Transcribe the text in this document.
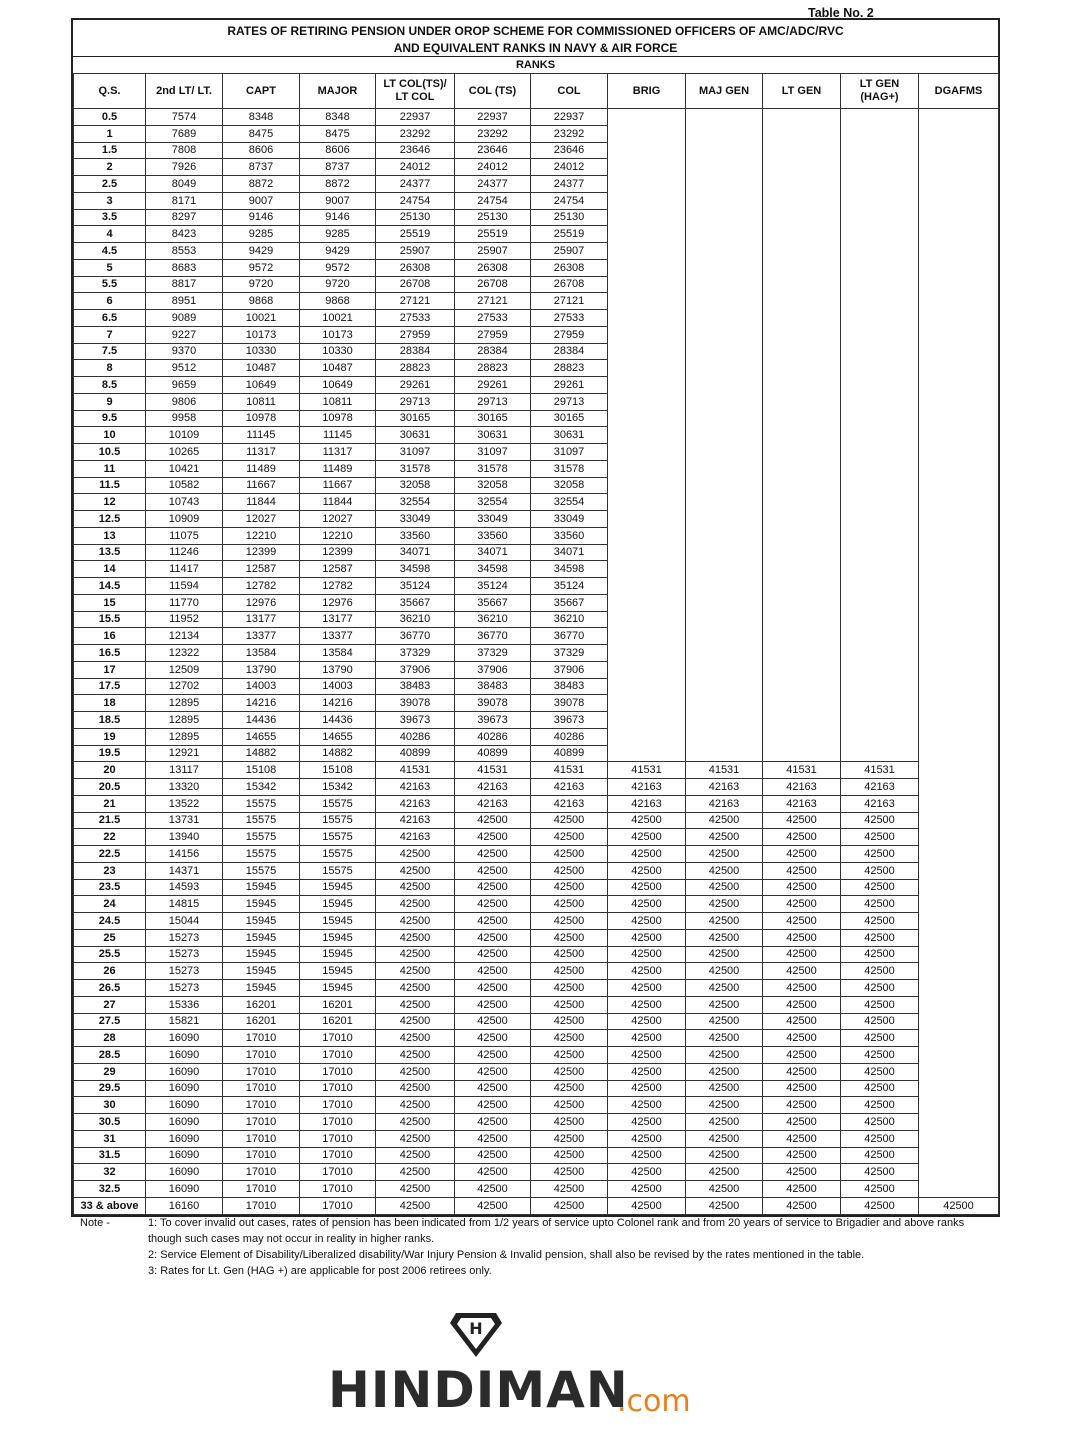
Table No. 2
RATES OF RETIRING PENSION UNDER OROP SCHEME FOR COMMISSIONED OFFICERS OF AMC/ADC/RVC
AND EQUIVALENT RANKS IN NAVY & AIR FORCE
RANKS
Q.S.	2nd LT/ LT.	CAPT	MAJOR	LT COL(TS)/ LT COL	COL (TS)	COL	BRIG	MAJ GEN	LT GEN	LT GEN (HAG+)	DGAFMS
0.5	7574	8348	8348	22937	22937	22937					
1	7689	8475	8475	23292	23292	23292					
1.5	7808	8606	8606	23646	23646	23646					
2	7926	8737	8737	24012	24012	24012					
2.5	8049	8872	8872	24377	24377	24377					
3	8171	9007	9007	24754	24754	24754					
3.5	8297	9146	9146	25130	25130	25130					
4	8423	9285	9285	25519	25519	25519					
4.5	8553	9429	9429	25907	25907	25907					
5	8683	9572	9572	26308	26308	26308					
5.5	8817	9720	9720	26708	26708	26708					
6	8951	9868	9868	27121	27121	27121					
6.5	9089	10021	10021	27533	27533	27533					
7	9227	10173	10173	27959	27959	27959					
7.5	9370	10330	10330	28384	28384	28384					
8	9512	10487	10487	28823	28823	28823					
8.5	9659	10649	10649	29261	29261	29261					
9	9806	10811	10811	29713	29713	29713					
9.5	9958	10978	10978	30165	30165	30165					
10	10109	11145	11145	30631	30631	30631					
10.5	10265	11317	11317	31097	31097	31097					
11	10421	11489	11489	31578	31578	31578					
11.5	10582	11667	11667	32058	32058	32058					
12	10743	11844	11844	32554	32554	32554					
12.5	10909	12027	12027	33049	33049	33049					
13	11075	12210	12210	33560	33560	33560					
13.5	11246	12399	12399	34071	34071	34071					
14	11417	12587	12587	34598	34598	34598					
14.5	11594	12782	12782	35124	35124	35124					
15	11770	12976	12976	35667	35667	35667					
15.5	11952	13177	13177	36210	36210	36210					
16	12134	13377	13377	36770	36770	36770					
16.5	12322	13584	13584	37329	37329	37329					
17	12509	13790	13790	37906	37906	37906					
17.5	12702	14003	14003	38483	38483	38483					
18	12895	14216	14216	39078	39078	39078					
18.5	12895	14436	14436	39673	39673	39673					
19	12895	14655	14655	40286	40286	40286					
19.5	12921	14882	14882	40899	40899	40899					
20	13117	15108	15108	41531	41531	41531	41531	41531	41531	41531	
20.5	13320	15342	15342	42163	42163	42163	42163	42163	42163	42163	
21	13522	15575	15575	42163	42163	42163	42163	42163	42163	42163	
21.5	13731	15575	15575	42163	42500	42500	42500	42500	42500	42500	
22	13940	15575	15575	42163	42500	42500	42500	42500	42500	42500	
22.5	14156	15575	15575	42500	42500	42500	42500	42500	42500	42500	
23	14371	15575	15575	42500	42500	42500	42500	42500	42500	42500	
23.5	14593	15945	15945	42500	42500	42500	42500	42500	42500	42500	
24	14815	15945	15945	42500	42500	42500	42500	42500	42500	42500	
24.5	15044	15945	15945	42500	42500	42500	42500	42500	42500	42500	
25	15273	15945	15945	42500	42500	42500	42500	42500	42500	42500	
25.5	15273	15945	15945	42500	42500	42500	42500	42500	42500	42500	
26	15273	15945	15945	42500	42500	42500	42500	42500	42500	42500	
26.5	15273	15945	15945	42500	42500	42500	42500	42500	42500	42500	
27	15336	16201	16201	42500	42500	42500	42500	42500	42500	42500	
27.5	15821	16201	16201	42500	42500	42500	42500	42500	42500	42500	
28	16090	17010	17010	42500	42500	42500	42500	42500	42500	42500	
28.5	16090	17010	17010	42500	42500	42500	42500	42500	42500	42500	
29	16090	17010	17010	42500	42500	42500	42500	42500	42500	42500	
29.5	16090	17010	17010	42500	42500	42500	42500	42500	42500	42500	
30	16090	17010	17010	42500	42500	42500	42500	42500	42500	42500	
30.5	16090	17010	17010	42500	42500	42500	42500	42500	42500	42500	
31	16090	17010	17010	42500	42500	42500	42500	42500	42500	42500	
31.5	16090	17010	17010	42500	42500	42500	42500	42500	42500	42500	
32	16090	17010	17010	42500	42500	42500	42500	42500	42500	42500	
32.5	16090	17010	17010	42500	42500	42500	42500	42500	42500	42500	
33 & above	16160	17010	17010	42500	42500	42500	42500	42500	42500	42500	42500
Note -	1: To cover invalid out cases, rates of pension has been indicated from 1/2 years of service upto Colonel rank and from 20 years of service to Brigadier and above ranks though such cases may not occur in reality in higher ranks.
2: Service Element of Disability/Liberalized disability/War Injury Pension & Invalid pension, shall also be revised by the rates mentioned in the table.
3: Rates for Lt. Gen (HAG +) are applicable for post 2006 retirees only.
H
HINDIMAN
.com
